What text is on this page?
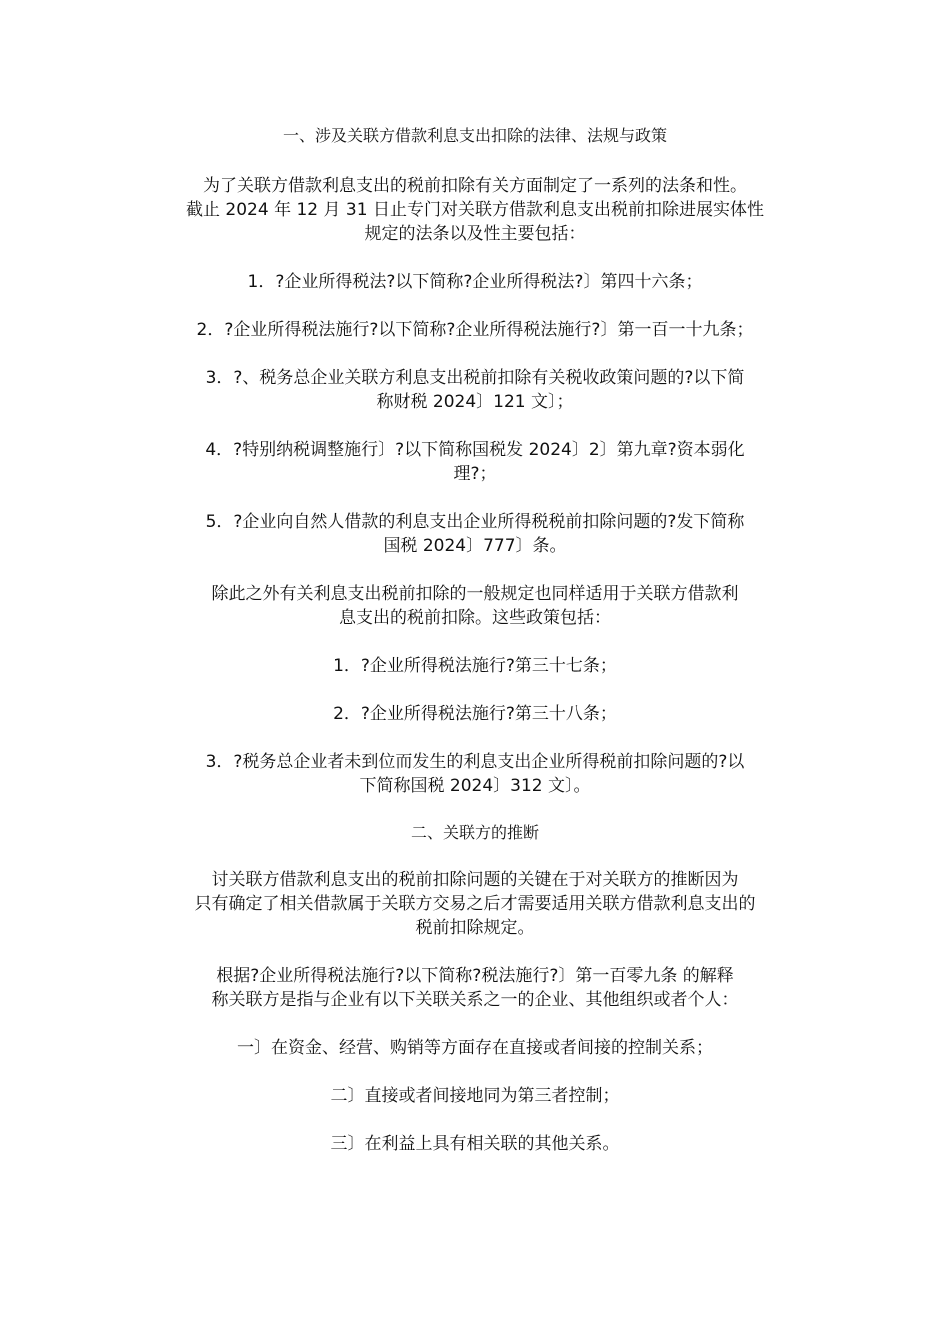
一、涉及关联方借款利息支出扣除的法律、法规与政策
为了关联方借款利息支出的税前扣除有关方面制定了一系列的法条和性。
截止 2024 年 12 月 31 日止专门对关联方借款利息支出税前扣除进展实体性
规定的法条以及性主要包括：
1．?企业所得税法?以下简称?企业所得税法?〕第四十六条；
2．?企业所得税法施行?以下简称?企业所得税法施行?〕第一百一十九条；
3．?、税务总企业关联方利息支出税前扣除有关税收政策问题的?以下简
称财税 2024〕121 文〕；
4．?特别纳税调整施行〕?以下简称国税发 2024〕2〕第九章?资本弱化
理?；
5．?企业向自然人借款的利息支出企业所得税税前扣除问题的?发下简称
国税 2024〕777〕条。
除此之外有关利息支出税前扣除的一般规定也同样适用于关联方借款利
息支出的税前扣除。这些政策包括：
1．?企业所得税法施行?第三十七条；
2．?企业所得税法施行?第三十八条；
3．?税务总企业者未到位而发生的利息支出企业所得税前扣除问题的?以
下简称国税 2024〕312 文〕。
二、关联方的推断
讨关联方借款利息支出的税前扣除问题的关键在于对关联方的推断因为
只有确定了相关借款属于关联方交易之后才需要适用关联方借款利息支出的
税前扣除规定。
根据?企业所得税法施行?以下简称?税法施行?〕第一百零九条 的解释
称关联方是指与企业有以下关联关系之一的企业、其他组织或者个人：
一〕在资金、经营、购销等方面存在直接或者间接的控制关系；
二〕直接或者间接地同为第三者控制；
三〕在利益上具有相关联的其他关系。
